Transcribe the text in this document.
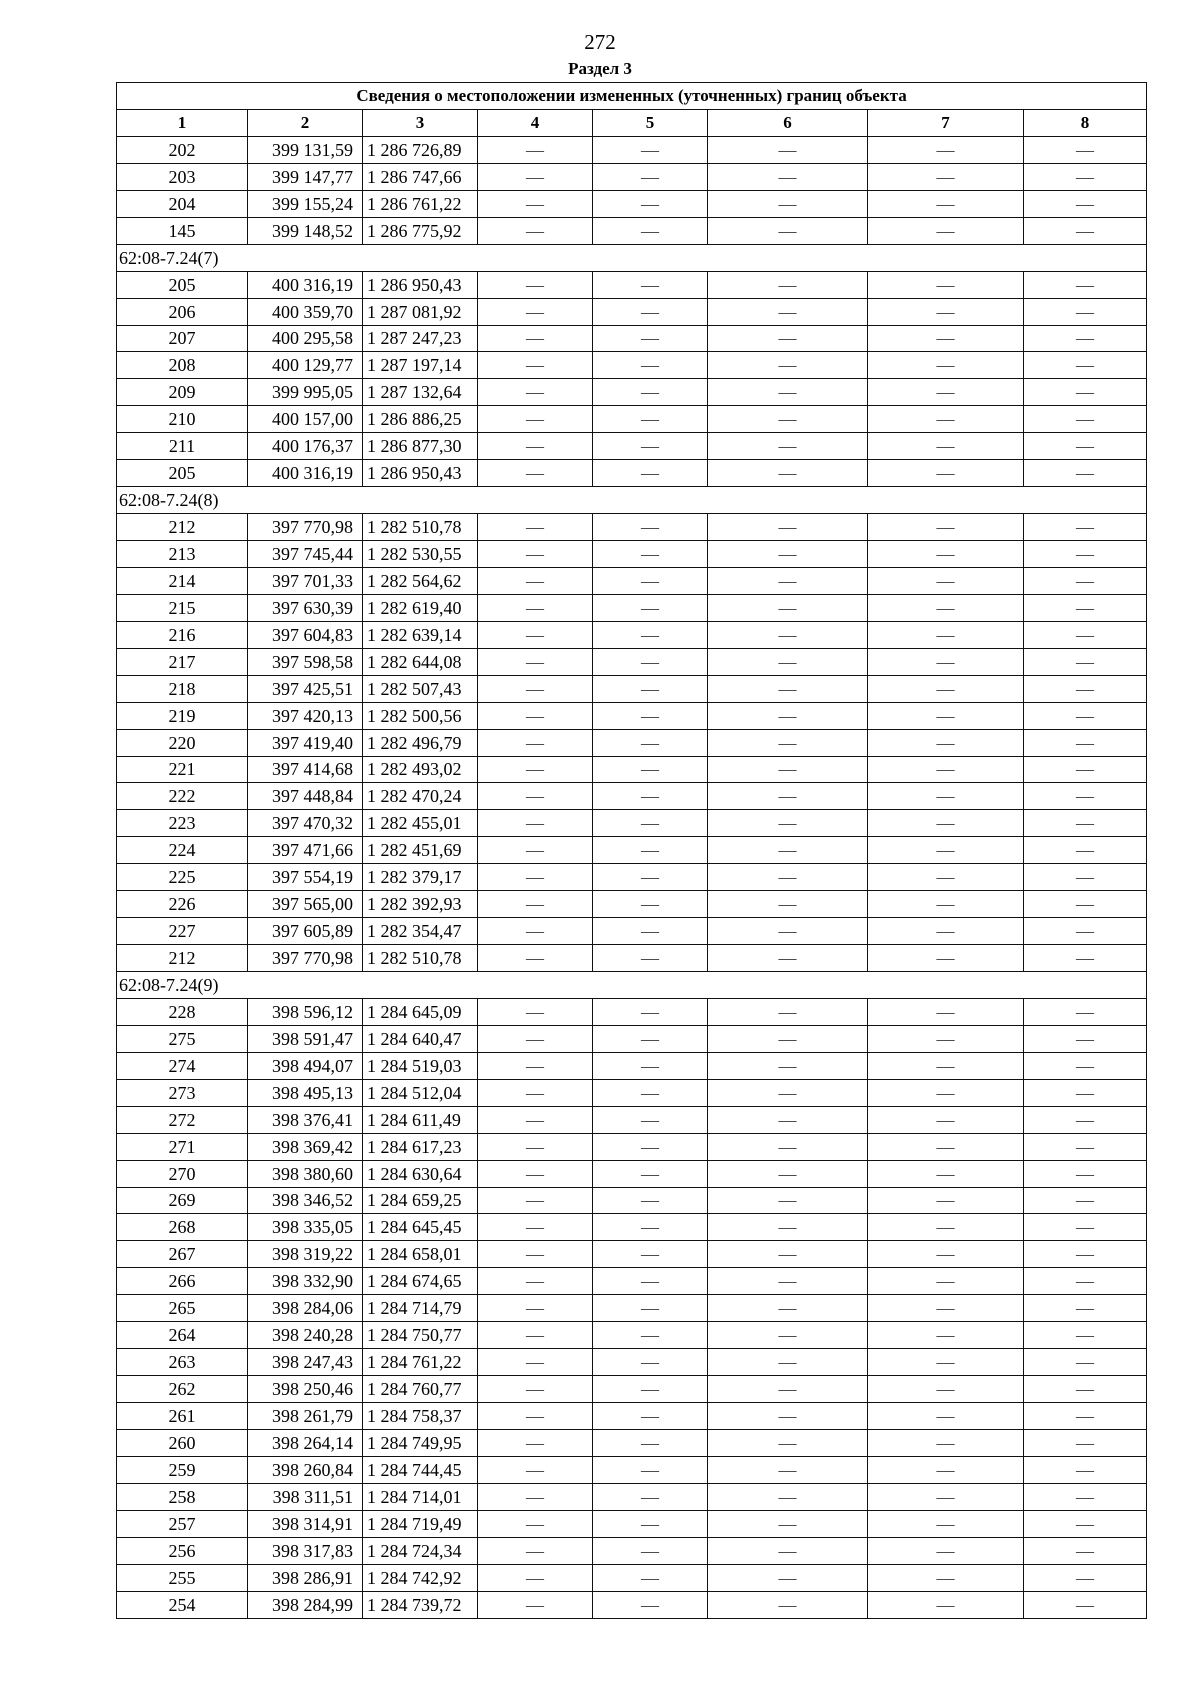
272
Раздел 3
Сведения о местоположении измененных (уточненных) границ объекта							
1	2	3	4	5	6	7	8
202	399 131,59	1 286 726,89	—	—	—	—	—
203	399 147,77	1 286 747,66	—	—	—	—	—
204	399 155,24	1 286 761,22	—	—	—	—	—
145	399 148,52	1 286 775,92	—	—	—	—	—
62:08-7.24(7)							
205	400 316,19	1 286 950,43	—	—	—	—	—
206	400 359,70	1 287 081,92	—	—	—	—	—
207	400 295,58	1 287 247,23	—	—	—	—	—
208	400 129,77	1 287 197,14	—	—	—	—	—
209	399 995,05	1 287 132,64	—	—	—	—	—
210	400 157,00	1 286 886,25	—	—	—	—	—
211	400 176,37	1 286 877,30	—	—	—	—	—
205	400 316,19	1 286 950,43	—	—	—	—	—
62:08-7.24(8)							
212	397 770,98	1 282 510,78	—	—	—	—	—
213	397 745,44	1 282 530,55	—	—	—	—	—
214	397 701,33	1 282 564,62	—	—	—	—	—
215	397 630,39	1 282 619,40	—	—	—	—	—
216	397 604,83	1 282 639,14	—	—	—	—	—
217	397 598,58	1 282 644,08	—	—	—	—	—
218	397 425,51	1 282 507,43	—	—	—	—	—
219	397 420,13	1 282 500,56	—	—	—	—	—
220	397 419,40	1 282 496,79	—	—	—	—	—
221	397 414,68	1 282 493,02	—	—	—	—	—
222	397 448,84	1 282 470,24	—	—	—	—	—
223	397 470,32	1 282 455,01	—	—	—	—	—
224	397 471,66	1 282 451,69	—	—	—	—	—
225	397 554,19	1 282 379,17	—	—	—	—	—
226	397 565,00	1 282 392,93	—	—	—	—	—
227	397 605,89	1 282 354,47	—	—	—	—	—
212	397 770,98	1 282 510,78	—	—	—	—	—
62:08-7.24(9)							
228	398 596,12	1 284 645,09	—	—	—	—	—
275	398 591,47	1 284 640,47	—	—	—	—	—
274	398 494,07	1 284 519,03	—	—	—	—	—
273	398 495,13	1 284 512,04	—	—	—	—	—
272	398 376,41	1 284 611,49	—	—	—	—	—
271	398 369,42	1 284 617,23	—	—	—	—	—
270	398 380,60	1 284 630,64	—	—	—	—	—
269	398 346,52	1 284 659,25	—	—	—	—	—
268	398 335,05	1 284 645,45	—	—	—	—	—
267	398 319,22	1 284 658,01	—	—	—	—	—
266	398 332,90	1 284 674,65	—	—	—	—	—
265	398 284,06	1 284 714,79	—	—	—	—	—
264	398 240,28	1 284 750,77	—	—	—	—	—
263	398 247,43	1 284 761,22	—	—	—	—	—
262	398 250,46	1 284 760,77	—	—	—	—	—
261	398 261,79	1 284 758,37	—	—	—	—	—
260	398 264,14	1 284 749,95	—	—	—	—	—
259	398 260,84	1 284 744,45	—	—	—	—	—
258	398 311,51	1 284 714,01	—	—	—	—	—
257	398 314,91	1 284 719,49	—	—	—	—	—
256	398 317,83	1 284 724,34	—	—	—	—	—
255	398 286,91	1 284 742,92	—	—	—	—	—
254	398 284,99	1 284 739,72	—	—	—	—	—
